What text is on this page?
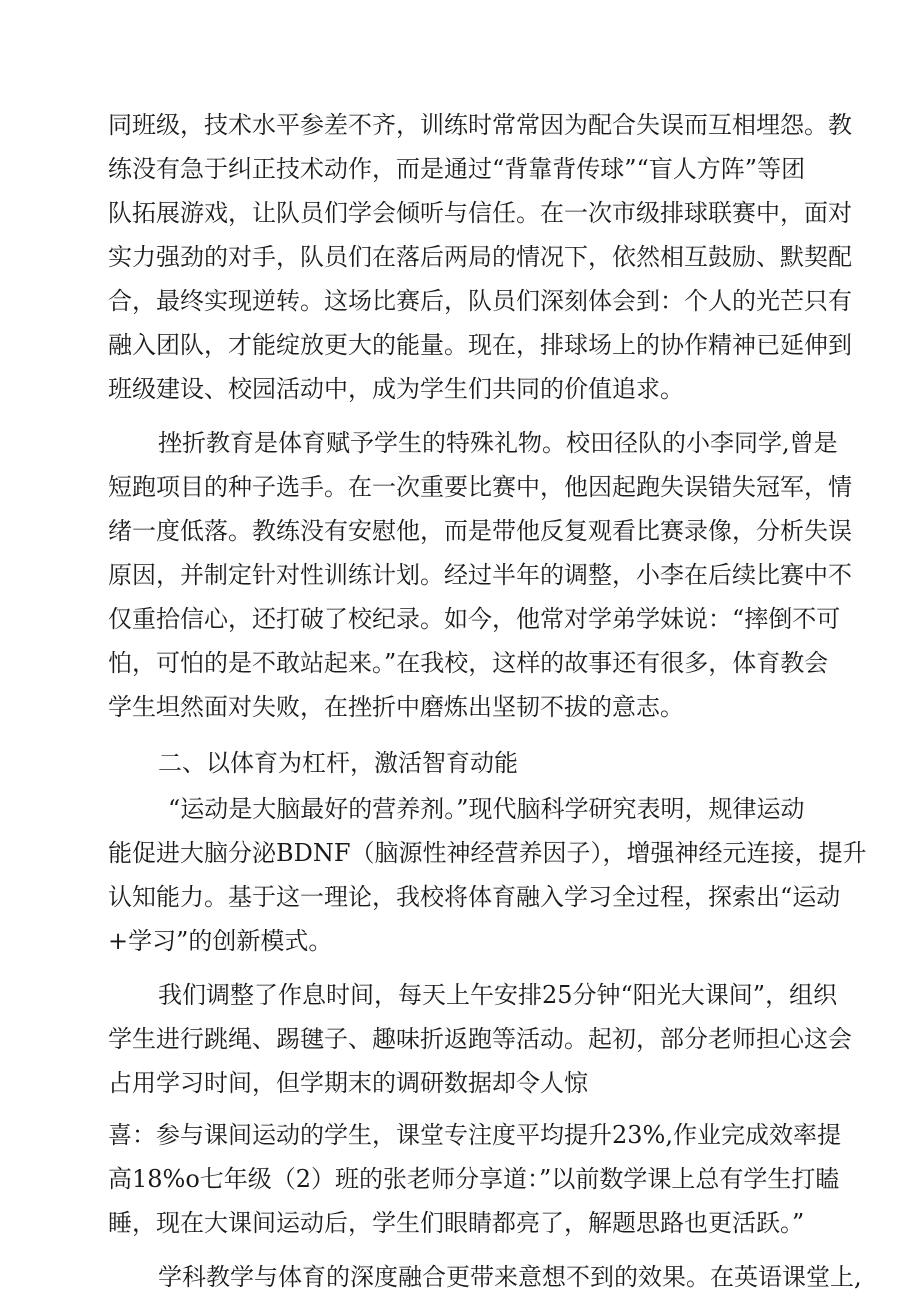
同班级，技术水平参差不齐，训练时常常因为配合失误而互相埋怨。教
练没有急于纠正技术动作，而是通过“背靠背传球”“盲人方阵”等团
队拓展游戏，让队员们学会倾听与信任。在一次市级排球联赛中，面对
实力强劲的对手，队员们在落后两局的情况下，依然相互鼓励、默契配
合，最终实现逆转。这场比赛后，队员们深刻体会到：个人的光芒只有
融入团队，才能绽放更大的能量。现在，排球场上的协作精神已延伸到
班级建设、校园活动中，成为学生们共同的价值追求。
挫折教育是体育赋予学生的特殊礼物。校田径队的小李同学,曾是
短跑项目的种子选手。在一次重要比赛中，他因起跑失误错失冠军，情
绪一度低落。教练没有安慰他，而是带他反复观看比赛录像，分析失误
原因，并制定针对性训练计划。经过半年的调整，小李在后续比赛中不
仅重拾信心，还打破了校纪录。如今，他常对学弟学妹说：“摔倒不可
怕，可怕的是不敢站起来。”在我校，这样的故事还有很多，体育教会
学生坦然面对失败，在挫折中磨炼出坚韧不拔的意志。
二、以体育为杠杆，激活智育动能
“运动是大脑最好的营养剂。”现代脑科学研究表明，规律运动
能促进大脑分泌BDNF（脑源性神经营养因子），增强神经元连接，提升
认知能力。基于这一理论，我校将体育融入学习全过程，探索出“运动
+学习”的创新模式。
我们调整了作息时间，每天上午安排25分钟“阳光大课间”，组织
学生进行跳绳、踢毽子、趣味折返跑等活动。起初，部分老师担心这会
占用学习时间，但学期末的调研数据却令人惊
喜：参与课间运动的学生，课堂专注度平均提升23%,作业完成效率提
高18%o七年级（2）班的张老师分享道：”以前数学课上总有学生打瞌
睡，现在大课间运动后，学生们眼睛都亮了，解题思路也更活跃。”
学科教学与体育的深度融合更带来意想不到的效果。在英语课堂上,
